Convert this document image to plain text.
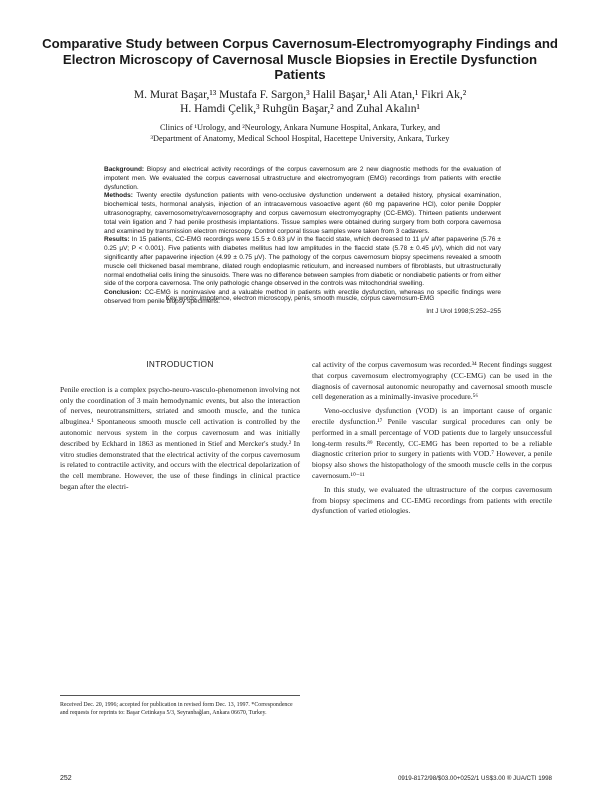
Comparative Study between Corpus Cavernosum-Electromyography Findings and Electron Microscopy of Cavernosal Muscle Biopsies in Erectile Dysfunction Patients
M. Murat Başar,¹³ Mustafa F. Sargon,³ Halil Başar,¹ Ali Atan,¹ Fikri Ak,²
H. Hamdi Çelik,³ Ruhgün Başar,² and Zuhal Akalın¹
Clinics of ¹Urology, and ²Neurology, Ankara Numune Hospital, Ankara, Turkey, and
³Department of Anatomy, Medical School Hospital, Hacettepe University, Ankara, Turkey

Background: Biopsy and electrical activity recordings of the corpus cavernosum are 2 new diagnostic methods for the evaluation of impotent men. We evaluated the corpus cavernosal ultrastructure and electromyogram (EMG) recordings from patients with erectile dysfunction.

Methods: Twenty erectile dysfunction patients with veno-occlusive dysfunction underwent a detailed history, physical examination, biochemical tests, hormonal analysis, injection of an intracavernous vasoactive agent (60 mg papaverine HCl), color penile Doppler ultrasonography, cavernosometry/cavernosography and corpus cavernosum electromyography (CC-EMG). Thirteen patients underwent total vein ligation and 7 had penile prosthesis implantations. Tissue samples were obtained during surgery from both corpora cavernosa and examined by transmission electron microscopy. Control corporal tissue samples were taken from 3 cadavers.

Results: In 15 patients, CC-EMG recordings were 15.5 ± 0.63 μV in the flaccid state, which decreased to 11 μV after papaverine (5.76 ± 0.25 μV; P < 0.001). Five patients with diabetes mellitus had low amplitudes in the flaccid state (5.78 ± 0.45 μV), which did not vary significantly after papaverine injection (4.99 ± 0.75 μV). The pathology of the corpus cavernosum biopsy specimens revealed a smooth muscle cell thickened basal membrane, dilated rough endoplasmic reticulum, and increased numbers of fibroblasts, but ultrastructurally normal endothelial cells lining the sinusoids. There was no difference between samples from diabetic or nondiabetic patients or from either side of the corpora cavernosa. The only pathologic change observed in the controls was mitochondrial swelling.

Conclusion: CC-EMG is noninvasive and a valuable method in patients with erectile dysfunction, whereas no specific findings were observed from penile biopsy specimens.

Int J Urol 1998;5:252–255

Key words: impotence, electron microscopy, penis, smooth muscle, corpus cavernosum-EMG

INTRODUCTION

Penile erection is a complex psycho-neuro-vasculo-phenomenon involving not only the coordination of 3 main hemodynamic events, but also the interaction of nerves, neurotransmitters, striated and smooth muscle, and the tunica albuginea.¹ Spontaneous smooth muscle cell activation is controlled by the autonomic nervous system in the corpus cavernosum and was initially described by Eckhard in 1863 as mentioned in Stief and Mercker's study.² In vitro studies demonstrated that the electrical activity of the corpus cavernosum is related to contractile activity, and occurs with the electrical depolarization of the cell membrane. However, the use of these findings in clinical practice began after the electri-

cal activity of the corpus cavernosum was recorded.³⁴ Recent findings suggest that corpus cavernosum electromyography (CC-EMG) can be used in the diagnosis of cavernosal autonomic neuropathy and cavernosal smooth muscle cell degeneration as a minimally-invasive procedure.⁵⁶

Veno-occlusive dysfunction (VOD) is an important cause of organic erectile dysfunction.¹⁷ Penile vascular surgical procedures can only be performed in a small percentage of VOD patients due to largely unsuccessful long-term results.⁸⁹ Recently, CC-EMG has been reported to be a reliable diagnostic criterion prior to surgery in patients with VOD.⁷ However, a penile biopsy also shows the histopathology of the smooth muscle cells in the corpus cavernosum.¹⁰⁻¹¹

In this study, we evaluated the ultrastructure of the corpus cavernosum from biopsy specimens and CC-EMG recordings from patients with erectile dysfunction of varied etiologies.

Received Dec. 20, 1996; accepted for publication in revised form Dec. 13, 1997. *Correspondence and requests for reprints to: Başar Cetinkaya 5/3, Seyranbağları, Ankara 06670, Turkey.
252	0919-8172/98/$03.00+0252/1 US$3.00 ® JUA/CTI 1998
